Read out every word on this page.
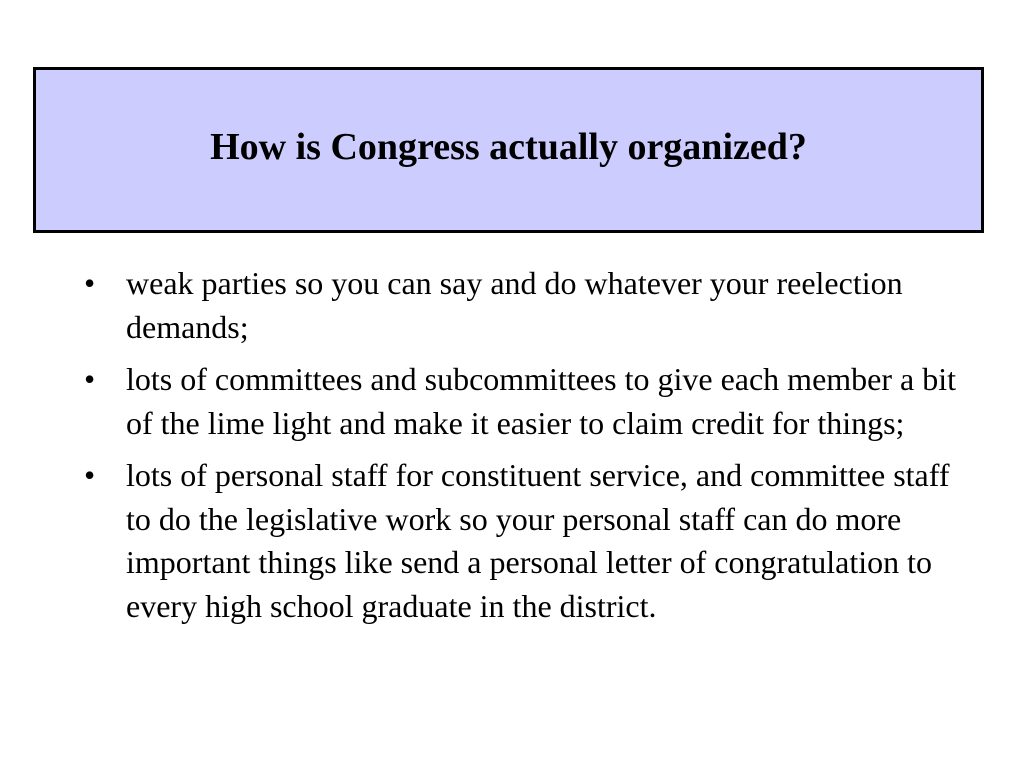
How is Congress actually organized?
• weak parties so you can say and do whatever your reelection demands;
• lots of committees and subcommittees to give each member a bit of the lime light and make it easier to claim credit for things;
• lots of personal staff for constituent service, and committee staff to do the legislative work so your personal staff can do more important things like send a personal letter of congratulation to every high school graduate in the district.
